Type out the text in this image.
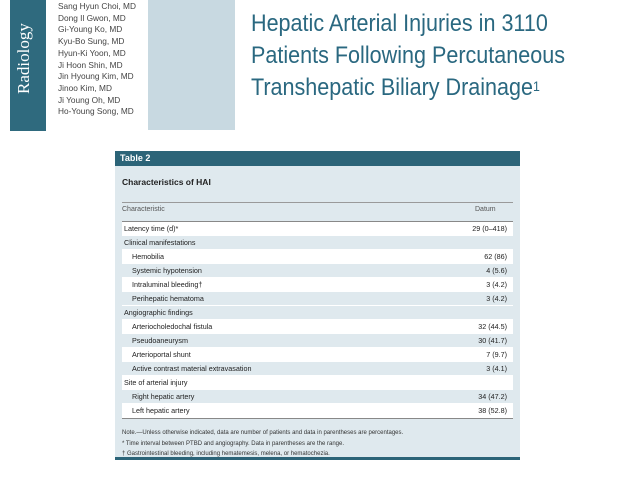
Radiology
Sang Hyun Choi, MD
Dong Il Gwon, MD
Gi-Young Ko, MD
Kyu-Bo Sung, MD
Hyun-Ki Yoon, MD
Ji Hoon Shin, MD
Jin Hyoung Kim, MD
Jinoo Kim, MD
Ji Young Oh, MD
Ho-Young Song, MD
Hepatic Arterial Injuries in 3110
Patients Following Percutaneous
Transhepatic Biliary Drainage$^1$
Table 2
Characteristics of HAI
Characteristic	Datum
Latency time (d)*	29 (0–418)
Clinical manifestations
Hemobilia	62 (86)
Systemic hypotension	4 (5.6)
Intraluminal bleeding†	3 (4.2)
Perihepatic hematoma	3 (4.2)
Angiographic findings
Arteriocholedochal fistula	32 (44.5)
Pseudoaneurysm	30 (41.7)
Arterioportal shunt	7 (9.7)
Active contrast material extravasation	3 (4.1)
Site of arterial injury
Right hepatic artery	34 (47.2)
Left hepatic artery	38 (52.8)
Note.—Unless otherwise indicated, data are number of patients and data in parentheses are percentages.
* Time interval between PTBD and angiography. Data in parentheses are the range.
† Gastrointestinal bleeding, including hematemesis, melena, or hematochezia.
